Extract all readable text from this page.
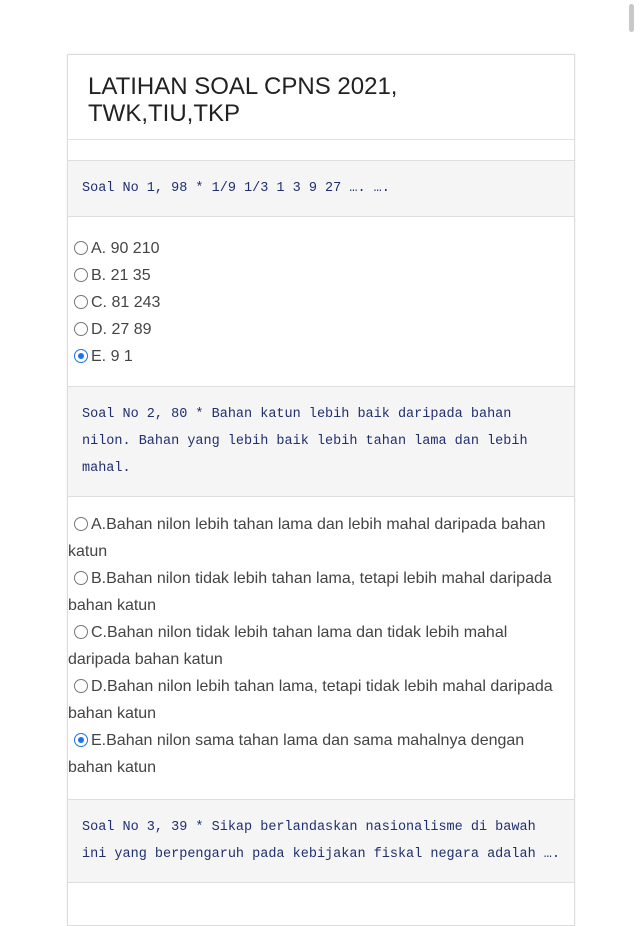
LATIHAN SOAL CPNS 2021, TWK,TIU,TKP
Soal No 1, 98 * 1/9 1/3 1 3 9 27 …. ….
A. 90 210
B. 21 35
C. 81 243
D. 27 89
E. 9 1
Soal No 2, 80 * Bahan katun lebih baik daripada bahan nilon. Bahan yang lebih baik lebih tahan lama dan lebih mahal.
A.Bahan nilon lebih tahan lama dan lebih mahal daripada bahan katun
B.Bahan nilon tidak lebih tahan lama, tetapi lebih mahal daripada bahan katun
C.Bahan nilon tidak lebih tahan lama dan tidak lebih mahal daripada bahan katun
D.Bahan nilon lebih tahan lama, tetapi tidak lebih mahal daripada bahan katun
E.Bahan nilon sama tahan lama dan sama mahalnya dengan bahan katun
Soal No 3, 39 * Sikap berlandaskan nasionalisme di bawah ini yang berpengaruh pada kebijakan fiskal negara adalah ….
